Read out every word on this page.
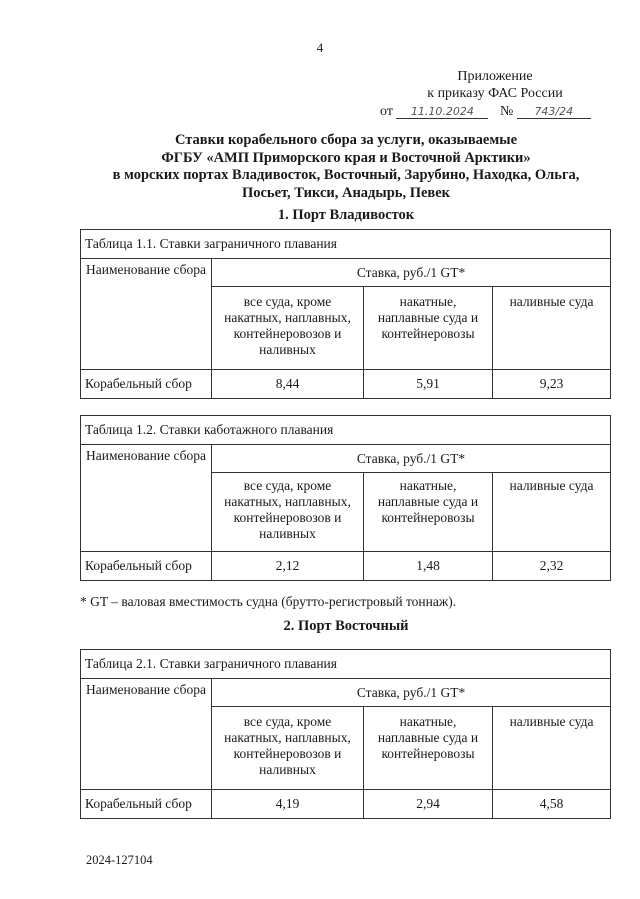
4
Приложение
к приказу ФАС России
от 11.10.2024 № 743/24
Ставки корабельного сбора за услуги, оказываемые
ФГБУ «АМП Приморского края и Восточной Арктики»
в морских портах Владивосток, Восточный, Зарубино, Находка, Ольга,
Посьет, Тикси, Анадырь, Певек
1. Порт Владивосток
Таблица 1.1. Ставки заграничного плавания			
Наименование сбора	Ставка, руб./1 GT*		
	все суда, кроме накатных, наплавных, контейнеровозов и наливных	накатные, наплавные суда и контейнеровозы	наливные суда
Корабельный сбор	8,44	5,91	9,23
Таблица 1.2. Ставки каботажного плавания			
Наименование сбора	Ставка, руб./1 GT*		
	все суда, кроме накатных, наплавных, контейнеровозов и наливных	накатные, наплавные суда и контейнеровозы	наливные суда
Корабельный сбор	2,12	1,48	2,32
* GT – валовая вместимость судна (брутто-регистровый тоннаж).
2. Порт Восточный
Таблица 2.1. Ставки заграничного плавания			
Наименование сбора	Ставка, руб./1 GT*		
	все суда, кроме накатных, наплавных, контейнеровозов и наливных	накатные, наплавные суда и контейнеровозы	наливные суда
Корабельный сбор	4,19	2,94	4,58
2024-127104
